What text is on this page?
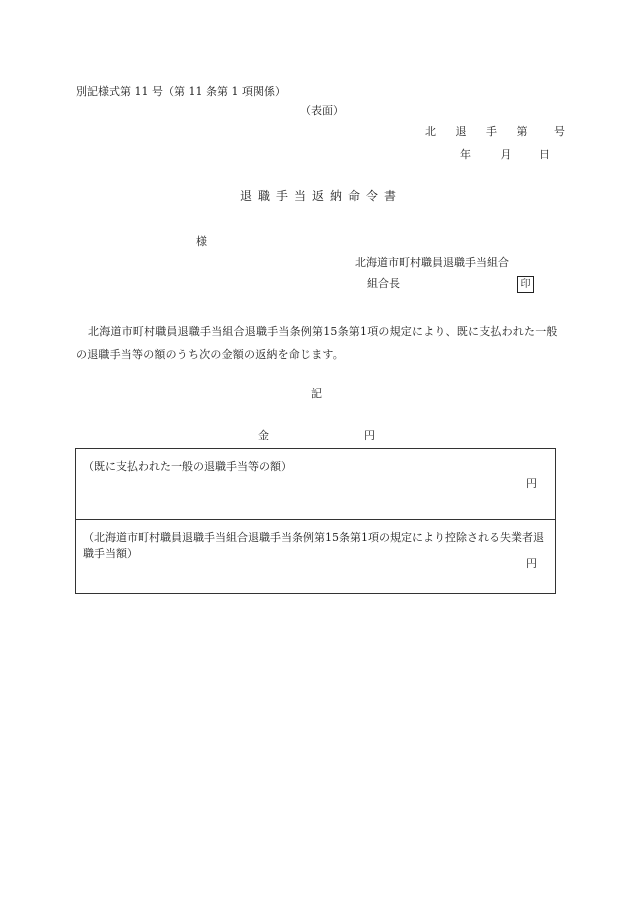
別記様式第 11 号（第 11 条第 1 項関係）
（表面）
北 退 手 第 号
年	月	日
退職手当返納命令書
様
北海道市町村職員退職手当組合
組合長	印
北海道市町村職員退職手当組合退職手当条例第15条第1項の規定により、既に支払われた一般の退職手当等の額のうち次の金額の返納を命じます。
記
金	円
（既に支払われた一般の退職手当等の額）
円
（北海道市町村職員退職手当組合退職手当条例第15条第1項の規定により控除される失業者退職手当額）
円
